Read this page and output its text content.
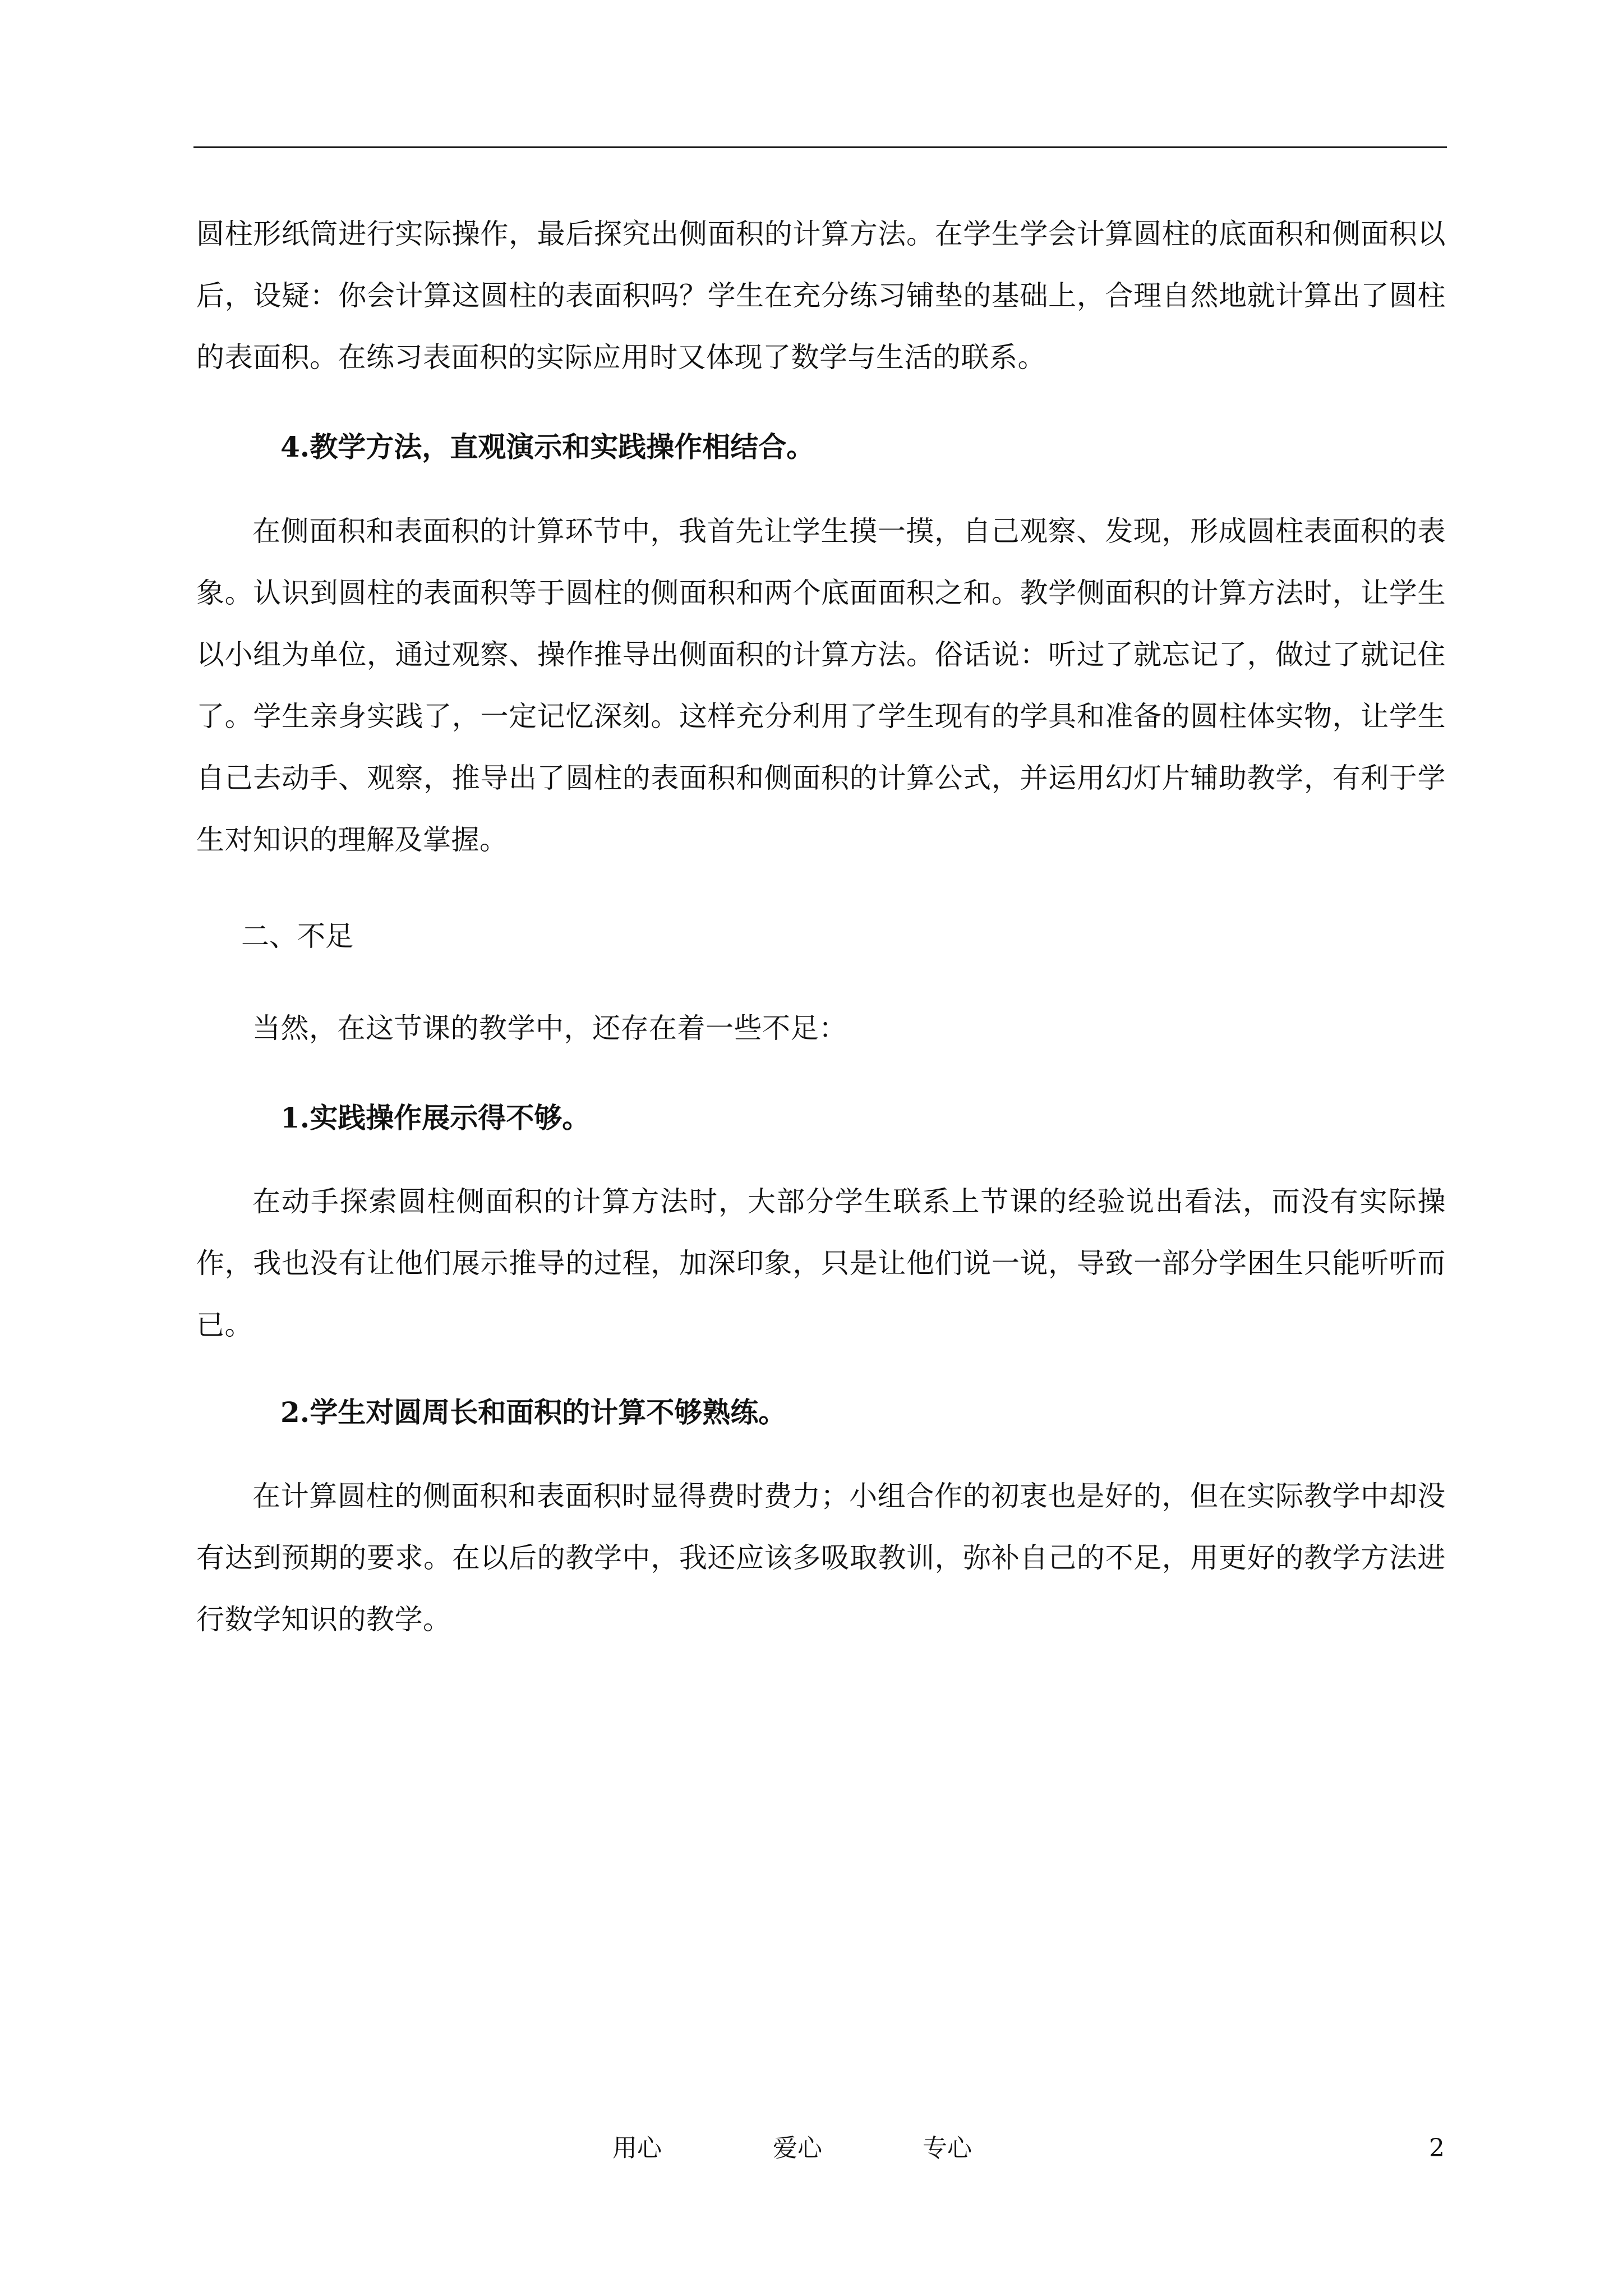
圆柱形纸筒进行实际操作，最后探究出侧面积的计算方法。在学生学会计算圆柱的底面积和侧面积以后，设疑：你会计算这圆柱的表面积吗？学生在充分练习铺垫的基础上，合理自然地就计算出了圆柱的表面积。在练习表面积的实际应用时又体现了数学与生活的联系。

4.教学方法，直观演示和实践操作相结合。

在侧面积和表面积的计算环节中，我首先让学生摸一摸，自己观察、发现，形成圆柱表面积的表象。认识到圆柱的表面积等于圆柱的侧面积和两个底面面积之和。教学侧面积的计算方法时，让学生以小组为单位，通过观察、操作推导出侧面积的计算方法。俗话说：听过了就忘记了，做过了就记住了。学生亲身实践了，一定记忆深刻。这样充分利用了学生现有的学具和准备的圆柱体实物，让学生自己去动手、观察，推导出了圆柱的表面积和侧面积的计算公式，并运用幻灯片辅助教学，有利于学生对知识的理解及掌握。

二、不足

当然，在这节课的教学中，还存在着一些不足：

1.实践操作展示得不够。

在动手探索圆柱侧面积的计算方法时，大部分学生联系上节课的经验说出看法，而没有实际操作，我也没有让他们展示推导的过程，加深印象，只是让他们说一说，导致一部分学困生只能听听而已。

2.学生对圆周长和面积的计算不够熟练。

在计算圆柱的侧面积和表面积时显得费时费力；小组合作的初衷也是好的，但在实际教学中却没有达到预期的要求。在以后的教学中，我还应该多吸取教训，弥补自己的不足，用更好的教学方法进行数学知识的教学。

用心	爱心	专心	2
